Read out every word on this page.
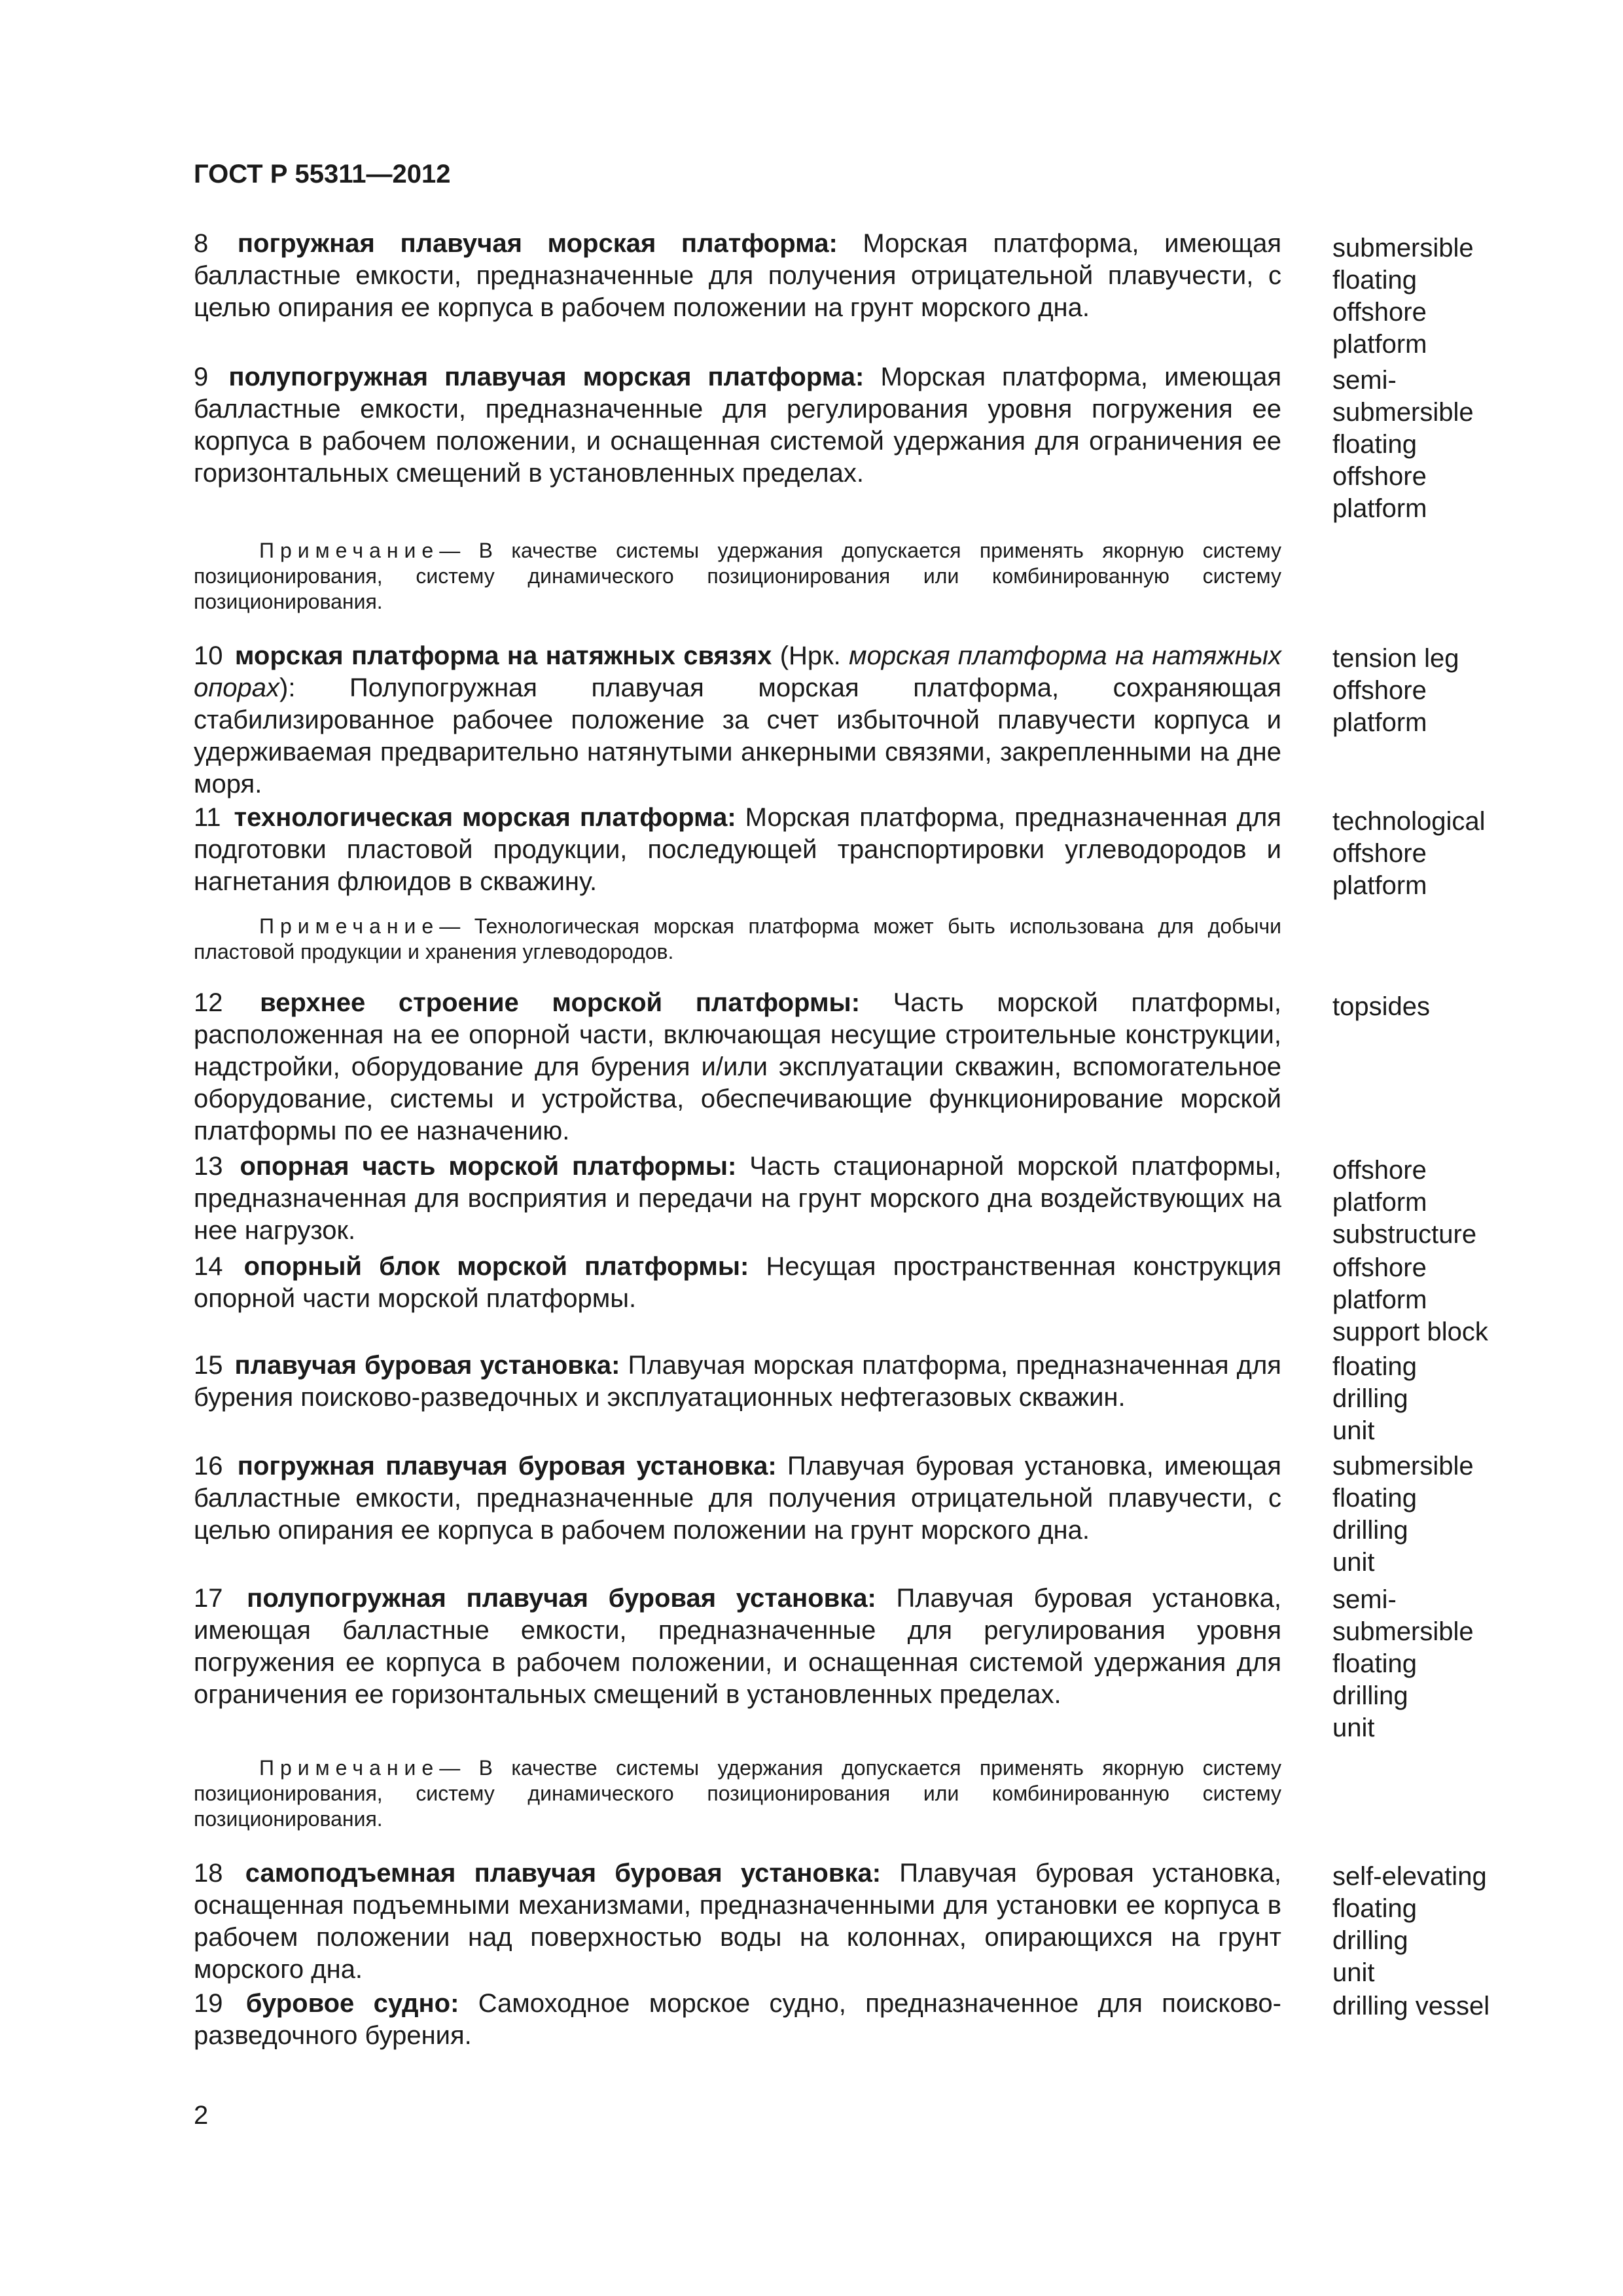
ГОСТ Р 55311—2012
8 погружная плавучая морская платформа: Морская платформа, имеющая балластные емкости, предназначенные для получения отрицательной плавучести, с целью опирания ее корпуса в рабочем положении на грунт морского дна.
submersible
floating
offshore
platform
9 полупогружная плавучая морская платформа: Морская платформа, имеющая балластные емкости, предназначенные для регулирования уровня погружения ее корпуса в рабочем положении, и оснащенная системой удержания для ограничения ее горизонтальных смещений в установленных пределах.
semi-
submersible
floating
offshore
platform
Примечание— В качестве системы удержания допускается применять якорную систему позиционирования, систему динамического позиционирования или комбинированную систему позиционирования.
10 морская платформа на натяжных связях (Нрк. морская платформа на натяжных опорах): Полупогружная плавучая морская платформа, сохраняющая стабилизированное рабочее положение за счет избыточной плавучести корпуса и удерживаемая предварительно натянутыми анкерными связями, закрепленными на дне моря.
tension leg
offshore
platform
11 технологическая морская платформа: Морская платформа, предназначенная для подготовки пластовой продукции, последующей транспортировки углеводородов и нагнетания флюидов в скважину.
technological
offshore
platform
Примечание— Технологическая морская платформа может быть использована для добычи пластовой продукции и хранения углеводородов.
12 верхнее строение морской платформы: Часть морской платформы, расположенная на ее опорной части, включающая несущие строительные конструкции, надстройки, оборудование для бурения и/или эксплуатации скважин, вспомогательное оборудование, системы и устройства, обеспечивающие функционирование морской платформы по ее назначению.
topsides
13 опорная часть морской платформы: Часть стационарной морской платформы, предназначенная для восприятия и передачи на грунт морского дна воздействующих на нее нагрузок.
offshore
platform
substructure
14 опорный блок морской платформы: Несущая пространственная конструкция опорной части морской платформы.
offshore
platform
support block
15 плавучая буровая установка: Плавучая морская платформа, предназначенная для бурения поисково-разведочных и эксплуатационных нефтегазовых скважин.
floating
drilling
unit
16 погружная плавучая буровая установка: Плавучая буровая установка, имеющая балластные емкости, предназначенные для получения отрицательной плавучести, с целью опирания ее корпуса в рабочем положении на грунт морского дна.
submersible
floating
drilling
unit
17 полупогружная плавучая буровая установка: Плавучая буровая установка, имеющая балластные емкости, предназначенные для регулирования уровня погружения ее корпуса в рабочем положении, и оснащенная системой удержания для ограничения ее горизонтальных смещений в установленных пределах.
semi-
submersible
floating
drilling
unit
Примечание— В качестве системы удержания допускается применять якорную систему позиционирования, систему динамического позиционирования или комбинированную систему позиционирования.
18 самоподъемная плавучая буровая установка: Плавучая буровая установка, оснащенная подъемными механизмами, предназначенными для установки ее корпуса в рабочем положении над поверхностью воды на колоннах, опирающихся на грунт морского дна.
self-elevating
floating
drilling
unit
19 буровое судно: Самоходное морское судно, предназначенное для поисково-разведочного бурения.
drilling vessel
2
